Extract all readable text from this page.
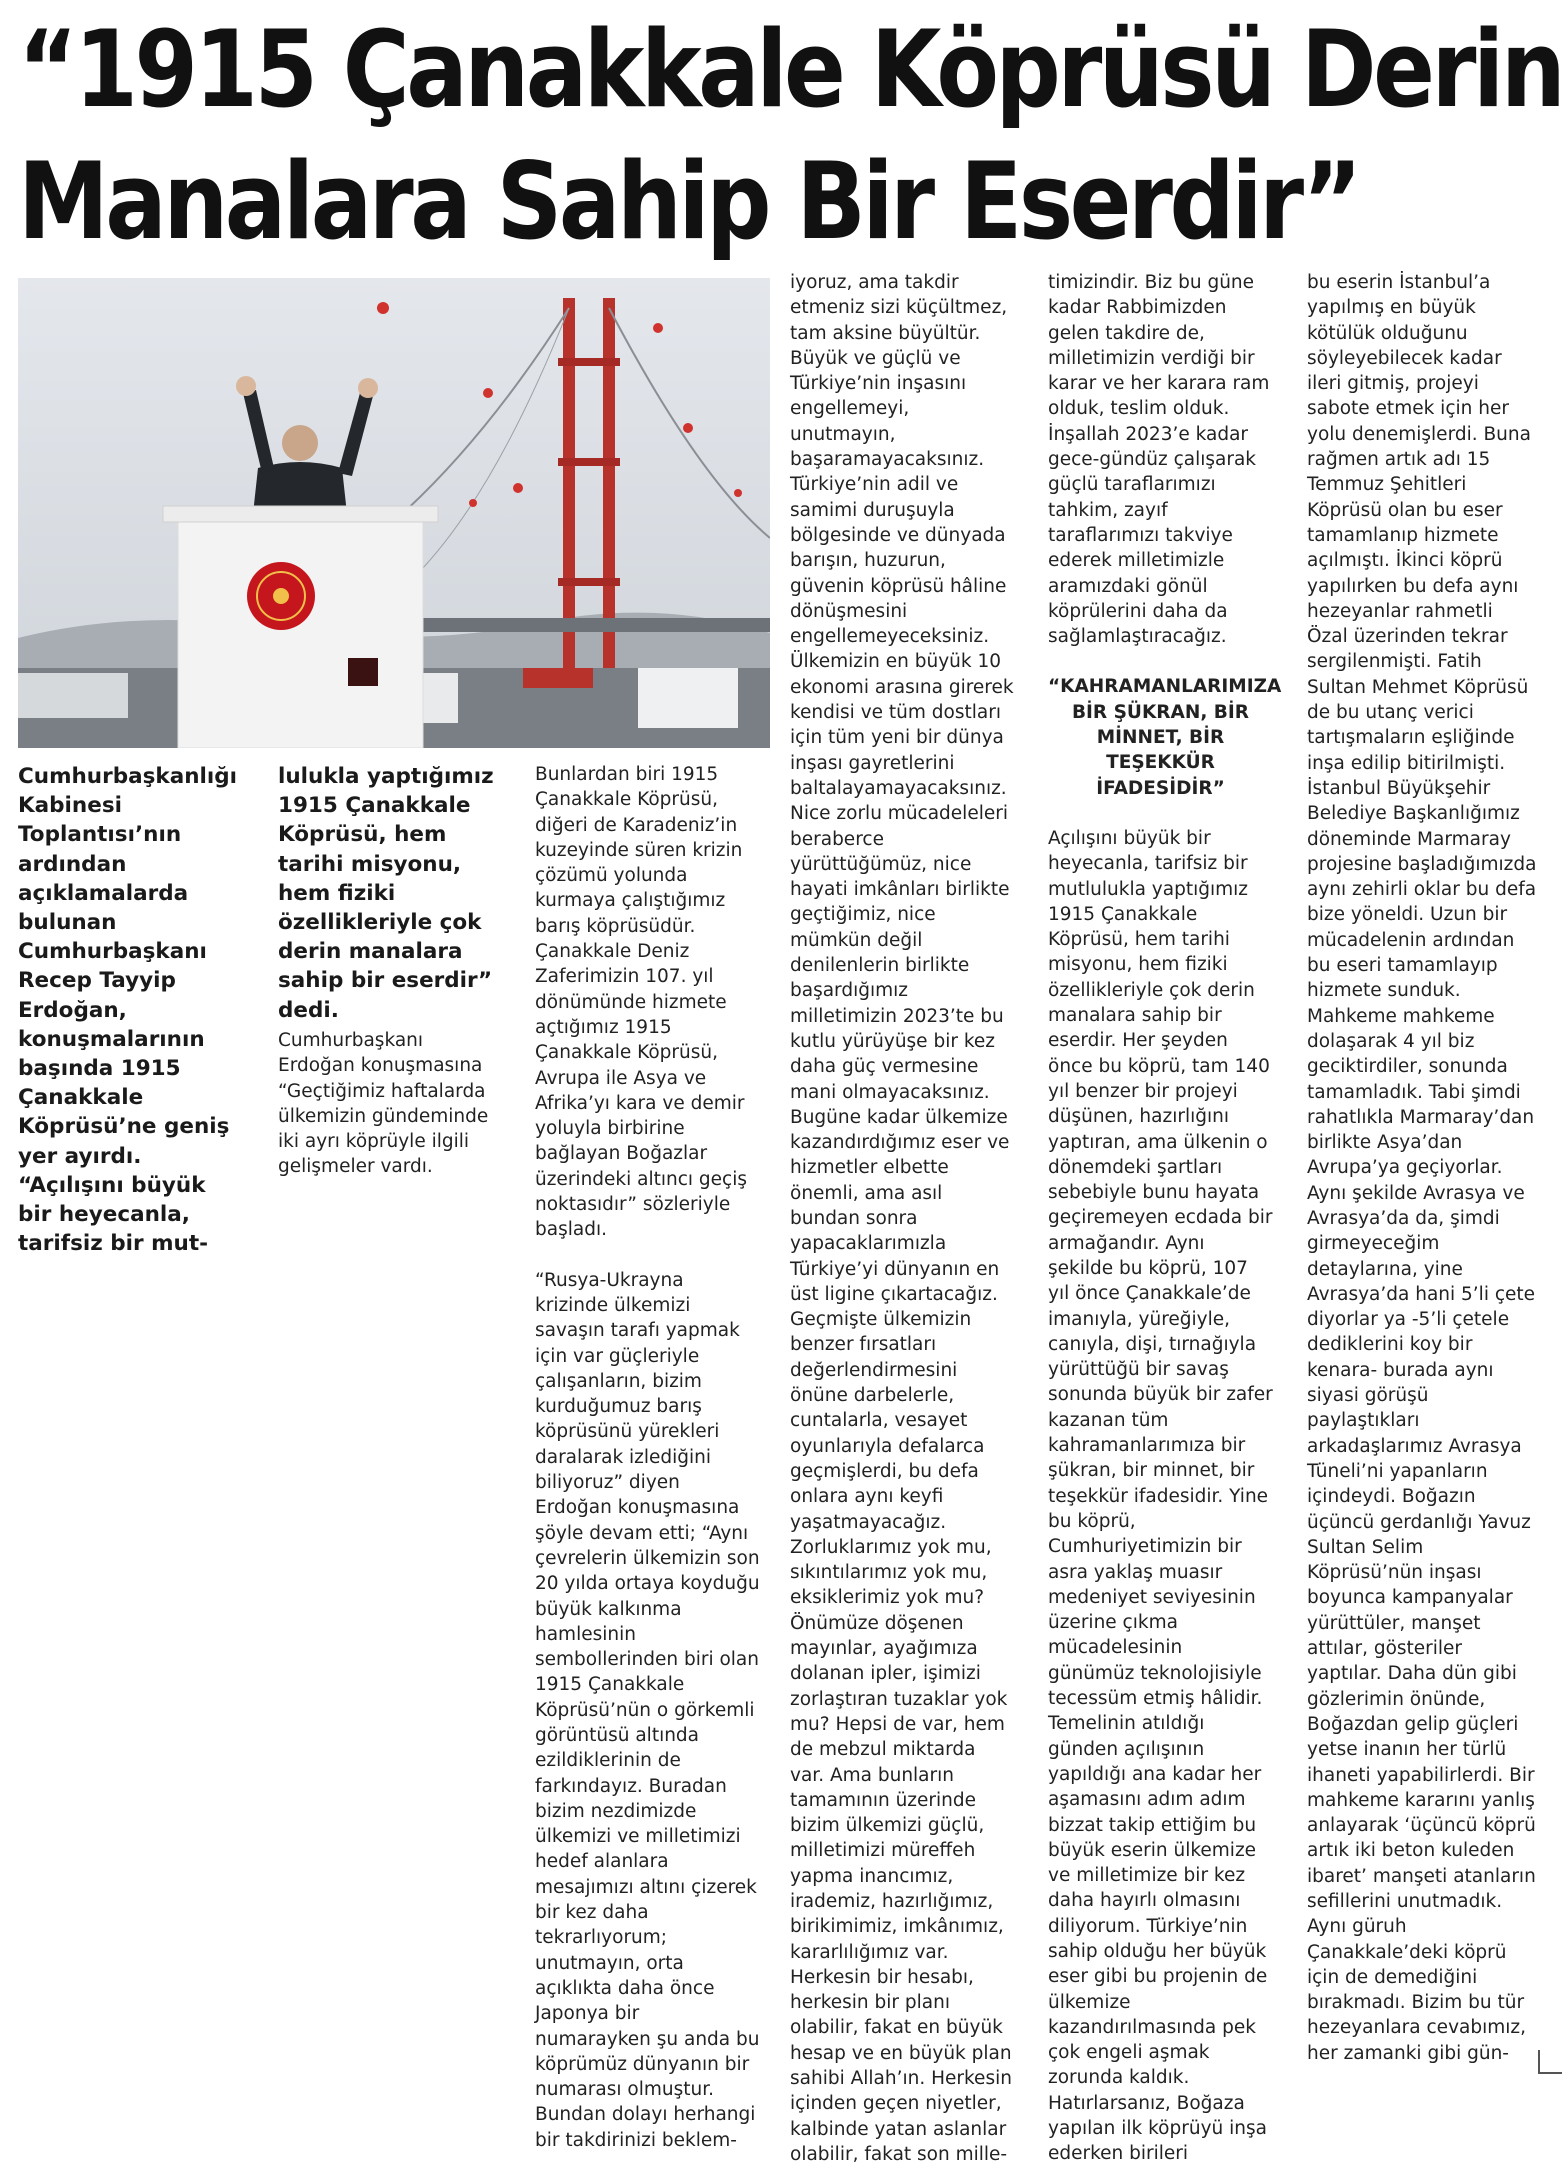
“1915 Çanakkale Köprüsü Derin
Manalara Sahip Bir Eserdir”
Cumhurbaşkanlığı Kabinesi Toplantısı’nın ardından açıklamalarda bulunan Cumhurbaşkanı Recep Tayyip Erdoğan, konuşmalarının başında 1915 Çanakkale Köprüsü’ne geniş yer ayırdı. “Açılışını büyük bir heyecanla, tarifsiz bir mut-
lulukla yaptığımız 1915 Çanakkale Köprüsü, hem tarihi misyonu, hem fiziki özellikleriyle çok derin manalara sahip bir eserdir” dedi.

Cumhurbaşkanı Erdoğan konuşmasına “Geçtiğimiz haftalarda ülkemizin gündeminde iki ayrı köprüyle ilgili gelişmeler vardı.

Bunlardan biri 1915 Çanakkale Köprüsü, diğeri de Karadeniz’in kuzeyinde süren krizin çözümü yolunda kurmaya çalıştığımız barış köprüsüdür. Çanakkale Deniz Zaferimizin 107. yıl dönümünde hizmete açtığımız 1915 Çanakkale Köprüsü, Avrupa ile Asya ve Afrika’yı kara ve demir yoluyla birbirine bağlayan Boğazlar üzerindeki altıncı geçiş noktasıdır” sözleriyle başladı.

“Rusya-Ukrayna krizinde ülkemizi savaşın tarafı yapmak için var güçleriyle çalışanların, bizim kurduğumuz barış köprüsünü yürekleri daralarak izlediğini biliyoruz” diyen Erdoğan konuşmasına şöyle devam etti; “Aynı çevrelerin ülkemizin son 20 yılda ortaya koyduğu büyük kalkınma hamlesinin sembollerinden biri olan 1915 Çanakkale Köprüsü’nün o görkemli görüntüsü altında ezildiklerinin de farkındayız. Buradan bizim nezdimizde ülkemizi ve milletimizi hedef alanlara mesajımızı altını çizerek bir kez daha tekrarlıyorum; unutmayın, orta açıklıkta daha önce Japonya bir numarayken şu anda bu köprümüz dünyanın bir numarası olmuştur. Bundan dolayı herhangi bir takdirinizi beklem-

iyoruz, ama takdir etmeniz sizi küçültmez, tam aksine büyültür. Büyük ve güçlü ve Türkiye’nin inşasını engellemeyi, unutmayın, başaramayacaksınız. Türkiye’nin adil ve samimi duruşuyla bölgesinde ve dünyada barışın, huzurun, güvenin köprüsü hâline dönüşmesini engellemeyeceksiniz. Ülkemizin en büyük 10 ekonomi arasına girerek kendisi ve tüm dostları için tüm yeni bir dünya inşası gayretlerini baltalayamayacaksınız. Nice zorlu mücadeleleri beraberce yürüttüğümüz, nice hayati imkânları birlikte geçtiğimiz, nice mümkün değil denilenlerin birlikte başardığımız milletimizin 2023’te bu kutlu yürüyüşe bir kez daha güç vermesine mani olmayacaksınız. Bugüne kadar ülkemize kazandırdığımız eser ve hizmetler elbette önemli, ama asıl bundan sonra yapacaklarımızla Türkiye’yi dünyanın en üst ligine çıkartacağız. Geçmişte ülkemizin benzer fırsatları değerlendirmesini önüne darbelerle, cuntalarla, vesayet oyunlarıyla defalarca geçmişlerdi, bu defa onlara aynı keyfi yaşatmayacağız. Zorluklarımız yok mu, sıkıntılarımız yok mu, eksiklerimiz yok mu? Önümüze döşenen mayınlar, ayağımıza dolanan ipler, işimizi zorlaştıran tuzaklar yok mu? Hepsi de var, hem de mebzul miktarda var. Ama bunların tamamının üzerinde bizim ülkemizi güçlü, milletimizi müreffeh yapma inancımız, irademiz, hazırlığımız, birikimimiz, imkânımız, kararlılığımız var. Herkesin bir hesabı, herkesin bir planı olabilir, fakat en büyük hesap ve en büyük plan sahibi Allah’ın. Herkesin içinden geçen niyetler, kalbinde yatan aslanlar olabilir, fakat son mille-

timizindir. Biz bu güne kadar Rabbimizden gelen takdire de, milletimizin verdiği bir karar ve her karara ram olduk, teslim olduk. İnşallah 2023’e kadar gece-gündüz çalışarak güçlü taraflarımızı tahkim, zayıf taraflarımızı takviye ederek milletimizle aramızdaki gönül köprülerini daha da sağlamlaştıracağız.

“KAHRAMANLARIMIZA BİR ŞÜKRAN, BİR MİNNET, BİR TEŞEKKÜR İFADESİDİR”

Açılışını büyük bir heyecanla, tarifsiz bir mutlulukla yaptığımız 1915 Çanakkale Köprüsü, hem tarihi misyonu, hem fiziki özellikleriyle çok derin manalara sahip bir eserdir. Her şeyden önce bu köprü, tam 140 yıl benzer bir projeyi düşünen, hazırlığını yaptıran, ama ülkenin o dönemdeki şartları sebebiyle bunu hayata geçiremeyen ecdada bir armağandır. Aynı şekilde bu köprü, 107 yıl önce Çanakkale’de imanıyla, yüreğiyle, canıyla, dişi, tırnağıyla yürüttüğü bir savaş sonunda büyük bir zafer kazanan tüm kahramanlarımıza bir şükran, bir minnet, bir teşekkür ifadesidir. Yine bu köprü, Cumhuriyetimizin bir asra yaklaş muasır medeniyet seviyesinin üzerine çıkma mücadelesinin günümüz teknolojisiyle tecessüm etmiş hâlidir. Temelinin atıldığı günden açılışının yapıldığı ana kadar her aşamasını adım adım bizzat takip ettiğim bu büyük eserin ülkemize ve milletimize bir kez daha hayırlı olmasını diliyorum. Türkiye’nin sahip olduğu her büyük eser gibi bu projenin de ülkemize kazandırılmasında pek çok engeli aşmak zorunda kaldık. Hatırlarsanız, Boğaza yapılan ilk köprüyü inşa ederken birileri

bu eserin İstanbul’a yapılmış en büyük kötülük olduğunu söyleyebilecek kadar ileri gitmiş, projeyi sabote etmek için her yolu denemişlerdi. Buna rağmen artık adı 15 Temmuz Şehitleri Köprüsü olan bu eser tamamlanıp hizmete açılmıştı. İkinci köprü yapılırken bu defa aynı hezeyanlar rahmetli Özal üzerinden tekrar sergilenmişti. Fatih Sultan Mehmet Köprüsü de bu utanç verici tartışmaların eşliğinde inşa edilip bitirilmişti. İstanbul Büyükşehir Belediye Başkanlığımız döneminde Marmaray projesine başladığımızda aynı zehirli oklar bu defa bize yöneldi. Uzun bir mücadelenin ardından bu eseri tamamlayıp hizmete sunduk. Mahkeme mahkeme dolaşarak 4 yıl biz geciktirdiler, sonunda tamamladık. Tabi şimdi rahatlıkla Marmaray’dan birlikte Asya’dan Avrupa’ya geçiyorlar. Aynı şekilde Avrasya ve Avrasya’da da, şimdi girmeyeceğim detaylarına, yine Avrasya’da hani 5’li çete diyorlar ya -5’li çetele dediklerini koy bir kenara- burada aynı siyasi görüşü paylaştıkları arkadaşlarımız Avrasya Tüneli’ni yapanların içindeydi. Boğazın üçüncü gerdanlığı Yavuz Sultan Selim Köprüsü’nün inşası boyunca kampanyalar yürüttüler, manşet attılar, gösteriler yaptılar. Daha dün gibi gözlerimin önünde, Boğazdan gelip güçleri yetse inanın her türlü ihaneti yapabilirlerdi. Bir mahkeme kararını yanlış anlayarak ‘üçüncü köprü artık iki beton kuleden ibaret’ manşeti atanların sefillerini unutmadık. Aynı güruh Çanakkale’deki köprü için de demediğini bırakmadı. Bizim bu tür hezeyanlara cevabımız, her zamanki gibi gün-
